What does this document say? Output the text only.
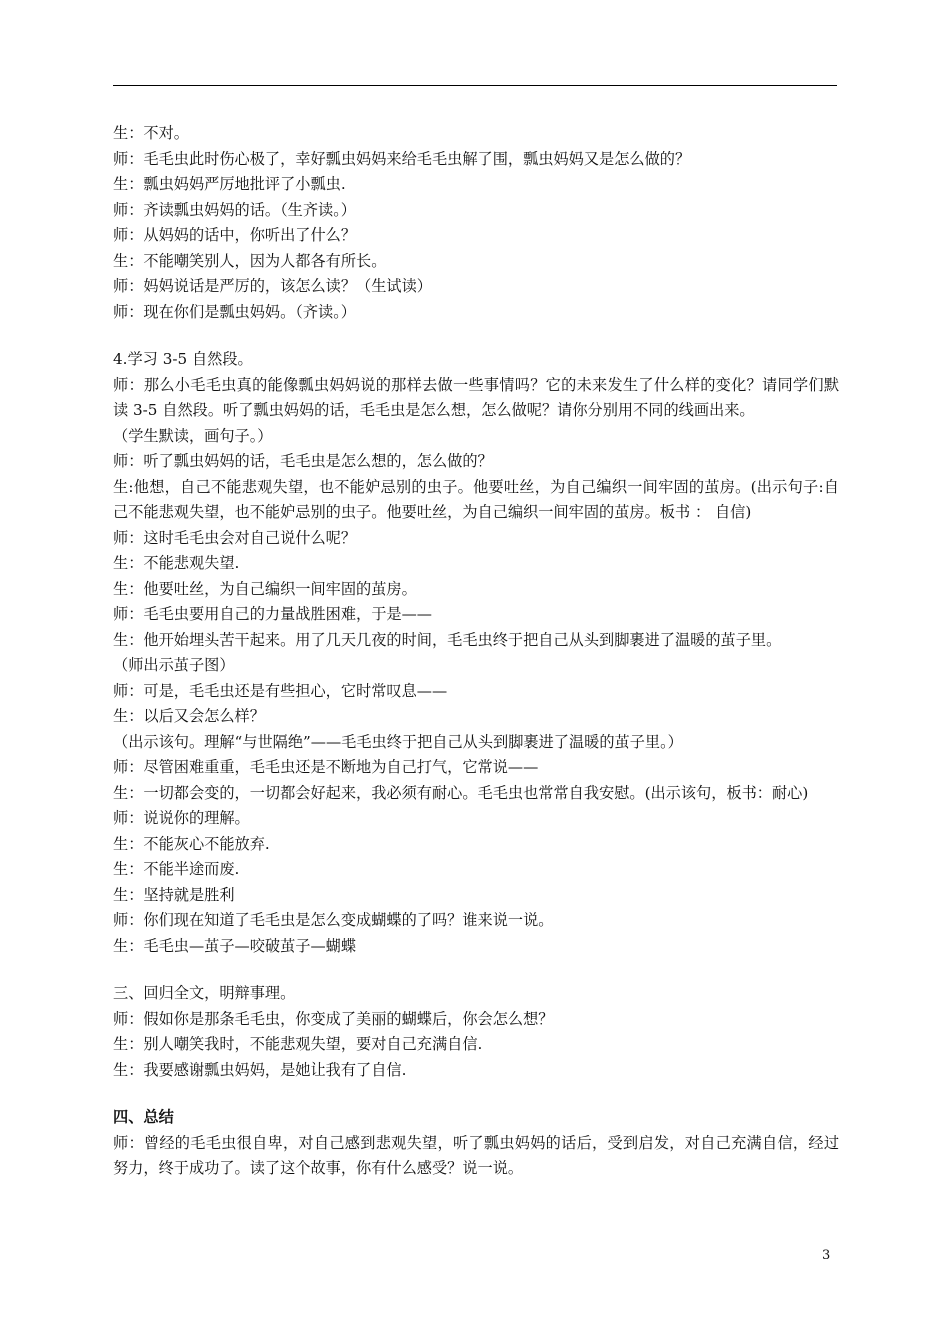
生：不对。
师：毛毛虫此时伤心极了，幸好瓢虫妈妈来给毛毛虫解了围，瓢虫妈妈又是怎么做的？
生：瓢虫妈妈严厉地批评了小瓢虫.
师：齐读瓢虫妈妈的话。（生齐读。）
师：从妈妈的话中，你听出了什么？
生：不能嘲笑别人，因为人都各有所长。
师：妈妈说话是严厉的，该怎么读？（生试读）
师：现在你们是瓢虫妈妈。（齐读。）
4.学习 3-5 自然段。
师：那么小毛毛虫真的能像瓢虫妈妈说的那样去做一些事情吗？它的未来发生了什么样的变化？请同学们默读 3-5 自然段。听了瓢虫妈妈的话，毛毛虫是怎么想，怎么做呢？请你分别用不同的线画出来。
（学生默读，画句子。）
师：听了瓢虫妈妈的话，毛毛虫是怎么想的，怎么做的？
生:他想，自己不能悲观失望，也不能妒忌别的虫子。他要吐丝，为自己编织一间牢固的茧房。(出示句子:自己不能悲观失望，也不能妒忌别的虫子。他要吐丝，为自己编织一间牢固的茧房。板书 ： 自信)
师：这时毛毛虫会对自己说什么呢？
生：不能悲观失望.
生：他要吐丝，为自己编织一间牢固的茧房。
师：毛毛虫要用自己的力量战胜困难，于是——
生：他开始埋头苦干起来。用了几天几夜的时间，毛毛虫终于把自己从头到脚裹进了温暖的茧子里。
（师出示茧子图）
师：可是，毛毛虫还是有些担心，它时常叹息——
生：以后又会怎么样？
（出示该句。理解“与世隔绝”——毛毛虫终于把自己从头到脚裹进了温暖的茧子里。）
师：尽管困难重重，毛毛虫还是不断地为自己打气，它常说——
生：一切都会变的，一切都会好起来，我必须有耐心。毛毛虫也常常自我安慰。(出示该句，板书：耐心)
师：说说你的理解。
生：不能灰心不能放弃.
生：不能半途而废.
生：坚持就是胜利
师：你们现在知道了毛毛虫是怎么变成蝴蝶的了吗？谁来说一说。
生：毛毛虫—茧子—咬破茧子—蝴蝶
三、回归全文，明辩事理。
师：假如你是那条毛毛虫，你变成了美丽的蝴蝶后，你会怎么想？
生：别人嘲笑我时，不能悲观失望，要对自己充满自信.
生：我要感谢瓢虫妈妈，是她让我有了自信.
四、总结
师：曾经的毛毛虫很自卑，对自己感到悲观失望，听了瓢虫妈妈的话后，受到启发，对自己充满自信，经过努力，终于成功了。读了这个故事，你有什么感受？说一说。
3
